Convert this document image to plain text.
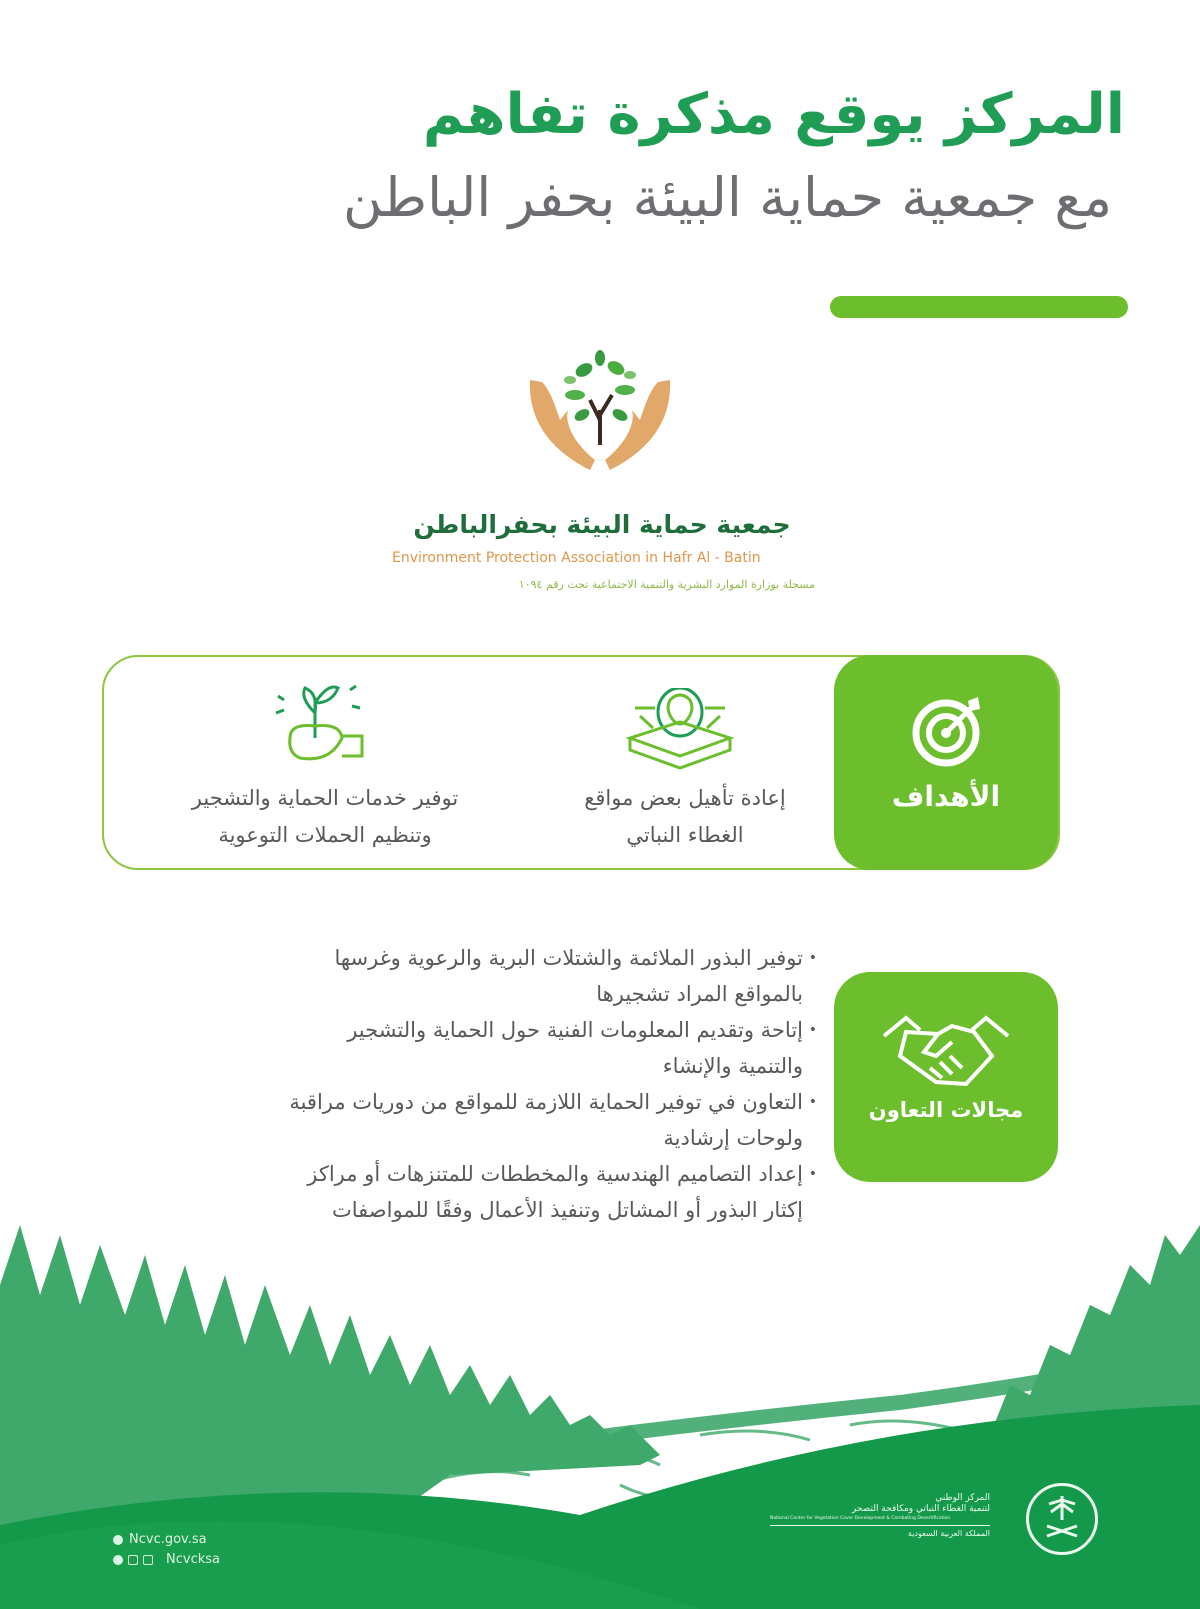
المركز يوقع مذكرة تفاهم
مع جمعية حماية البيئة بحفر الباطن
جمعية حماية البيئة بحفرالباطن
Environment Protection Association in Hafr Al - Batin
مسجلة بوزارة الموارد البشرية والتنمية الاجتماعية تحت رقم ١٠٩٤
الأهداف
إعادة تأهيل بعض مواقع
الغطاء النباتي
توفير خدمات الحماية والتشجير
وتنظيم الحملات التوعوية
مجالات التعاون
• توفير البذور الملائمة والشتلات البرية والرعوية وغرسها
بالمواقع المراد تشجيرها
• إتاحة وتقديم المعلومات الفنية حول الحماية والتشجير
والتنمية والإنشاء
• التعاون في توفير الحماية اللازمة للمواقع من دوريات مراقبة
ولوحات إرشادية
• إعداد التصاميم الهندسية والمخططات للمتنزهات أو مراكز
إكثار البذور أو المشاتل وتنفيذ الأعمال وفقًا للمواصفات
Ncvc.gov.sa
Ncvcksa
المركز الوطني
لتنمية الغطاء النباتي ومكافحة التصحر
National Center for Vegetation Cover Development & Combating Desertification
المملكة العربية السعودية
